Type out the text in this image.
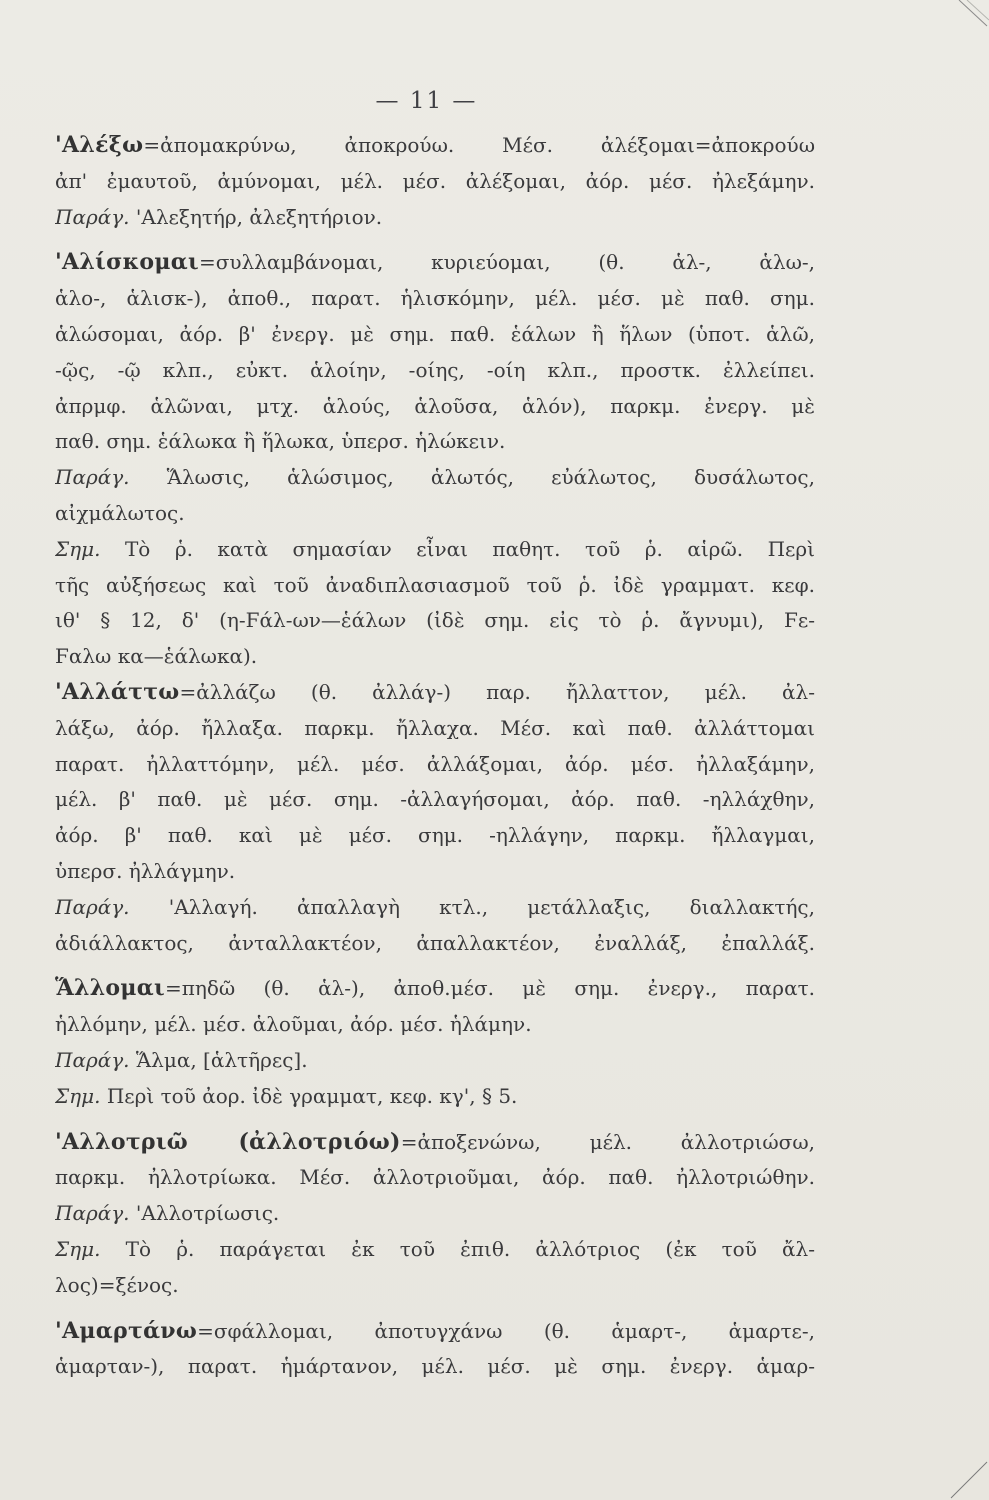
— 11 —
'Αλέξω=ἀπομακρύνω, ἀποκρούω. Μέσ. ἀλέξομαι=ἀποκρούω
ἀπ' ἐμαυτοῦ, ἀμύνομαι, μέλ. μέσ. ἀλέξομαι, ἀόρ. μέσ. ἠλεξάμην.
Παράγ. 'Αλεξητήρ, ἀλεξητήριον.
'Αλίσκομαι=συλλαμβάνομαι, κυριεύομαι, (θ. ἁλ-, ἁλω-,
ἁλο-, ἁλισκ-), ἀποθ., παρατ. ἡλισκόμην, μέλ. μέσ. μὲ παθ. σημ.
ἁλώσομαι, ἀόρ. β' ἐνεργ. μὲ σημ. παθ. ἑάλων ἢ ἥλων (ὑποτ. ἁλῶ,
-ῷς, -ῷ κλπ., εὐκτ. ἁλοίην, -οίης, -οίη κλπ., προστκ. ἐλλείπει.
ἀπρμφ. ἁλῶναι, μτχ. ἁλούς, ἁλοῦσα, ἁλόν), παρκμ. ἐνεργ. μὲ
παθ. σημ. ἑάλωκα ἢ ἥλωκα, ὑπερσ. ἡλώκειν.
Παράγ. Ἅλωσις, ἁλώσιμος, ἁλωτός, εὐάλωτος, δυσάλωτος,
αἰχμάλωτος.
Σημ. Τὸ ῥ. κατὰ σημασίαν εἶναι παθητ. τοῦ ῥ. αἱρῶ. Περὶ
τῆς αὐξήσεως καὶ τοῦ ἀναδιπλασιασμοῦ τοῦ ῥ. ἰδὲ γραμματ. κεφ.
ιθ' § 12, δ' (η-Ϝάλ-ων—ἑάλων (ἰδὲ σημ. εἰς τὸ ῥ. ἄγνυμι), Ϝε-
Ϝαλω κα—ἑάλωκα).
'Αλλάττω=ἀλλάζω (θ. ἀλλάγ-) παρ. ἤλλαττον, μέλ. ἀλ-
λάξω, ἀόρ. ἤλλαξα. παρκμ. ἤλλαχα. Μέσ. καὶ παθ. ἀλλάττομαι
παρατ. ἠλλαττόμην, μέλ. μέσ. ἀλλάξομαι, ἀόρ. μέσ. ἠλλαξάμην,
μέλ. β' παθ. μὲ μέσ. σημ. -ἀλλαγήσομαι, ἀόρ. παθ. -ηλλάχθην,
ἀόρ. β' παθ. καὶ μὲ μέσ. σημ. -ηλλάγην, παρκμ. ἤλλαγμαι,
ὑπερσ. ἠλλάγμην.
Παράγ. 'Αλλαγή. ἀπαλλαγὴ κτλ., μετάλλαξις, διαλλακτής,
ἀδιάλλακτος, ἀνταλλακτέον, ἀπαλλακτέον, ἐναλλάξ, ἐπαλλάξ.
Ἅλλομαι=πηδῶ (θ. ἁλ-), ἀποθ.μέσ. μὲ σημ. ἐνεργ., παρατ.
ἡλλόμην, μέλ. μέσ. ἁλοῦμαι, ἀόρ. μέσ. ἡλάμην.
Παράγ. Ἅλμα, [ἁλτῆρες].
Σημ. Περὶ τοῦ ἀορ. ἰδὲ γραμματ, κεφ. κγ', § 5.
'Αλλοτριῶ (ἀλλοτριόω)=ἀποξενώνω, μέλ. ἀλλοτριώσω,
παρκμ. ἠλλοτρίωκα. Μέσ. ἀλλοτριοῦμαι, ἀόρ. παθ. ἠλλοτριώθην.
Παράγ. 'Αλλοτρίωσις.
Σημ. Τὸ ῥ. παράγεται ἐκ τοῦ ἐπιθ. ἀλλότριος (ἐκ τοῦ ἄλ-
λος)=ξένος.
'Αμαρτάνω=σφάλλομαι, ἀποτυγχάνω (θ. ἁμαρτ-, ἁμαρτε-,
ἁμαρταν-), παρατ. ἡμάρτανον, μέλ. μέσ. μὲ σημ. ἐνεργ. ἁμαρ-
